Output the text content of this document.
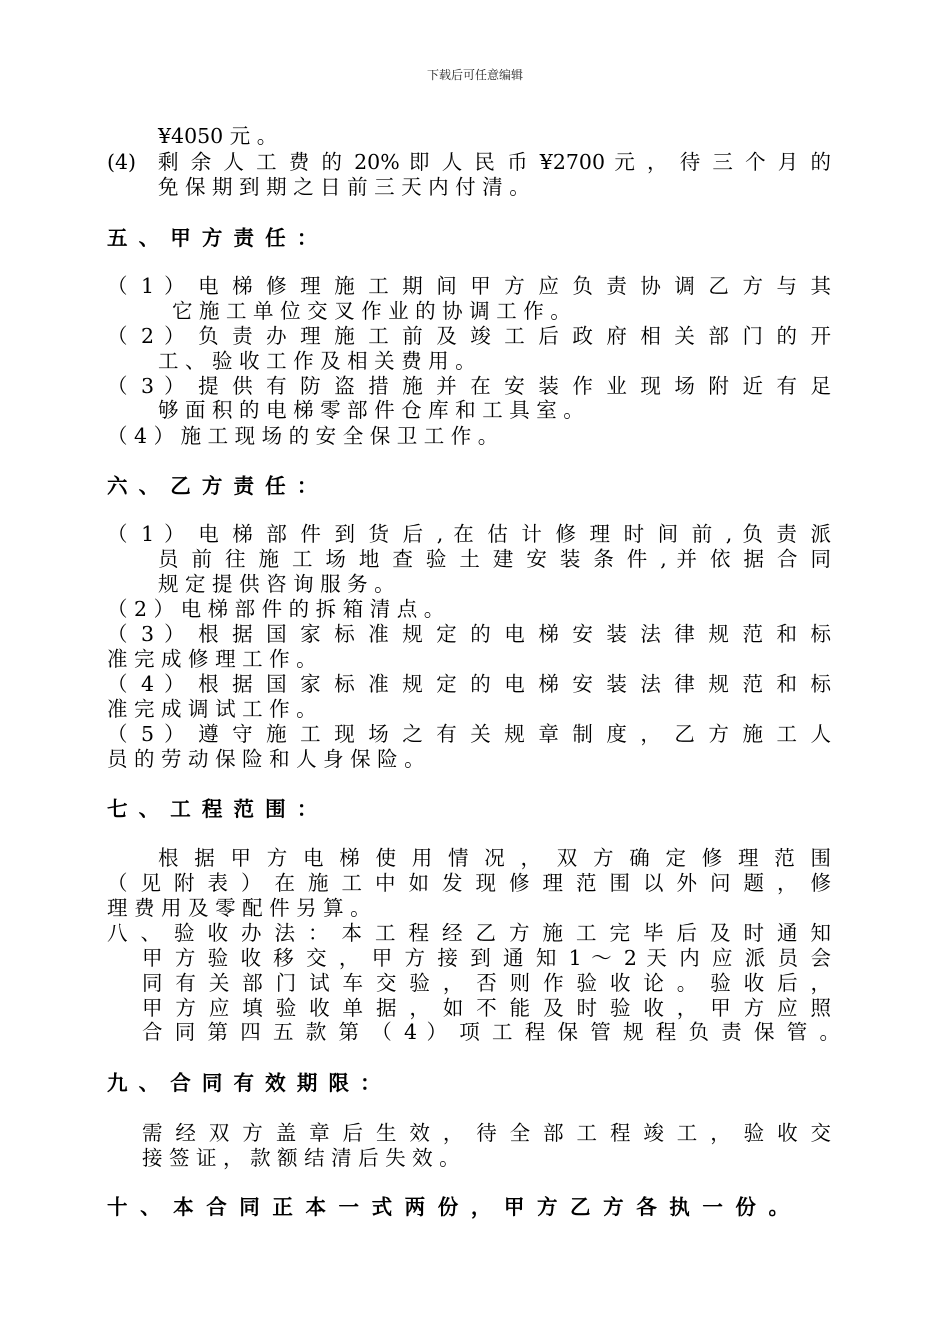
下载后可任意编辑
¥4050 元 。
(4) 剩 余 人 工 费 的 20% 即 人 民 币 ¥2700 元 ， 待 三 个 月 的
免 保 期 到 期 之 日 前 三 天 内 付 清 。
五 、 甲 方 责 任 ：
（ 1 ） 电 梯 修 理 施 工 期 间 甲 方 应 负 责 协 调 乙 方 与 其
它 施 工 单 位 交 叉 作 业 的 协 调 工 作 。
（ 2 ） 负 责 办 理 施 工 前 及 竣 工 后 政 府 相 关 部 门 的 开
工 、 验 收 工 作 及 相 关 费 用 。
（ 3 ） 提 供 有 防 盗 措 施 并 在 安 装 作 业 现 场 附 近 有 足
够 面 积 的 电 梯 零 部 件 仓 库 和 工 具 室 。
（ 4 ） 施 工 现 场 的 安 全 保 卫 工 作 。
六 、 乙 方 责 任 ：
（ 1 ） 电 梯 部 件 到 货 后 , 在 估 计 修 理 时 间 前 , 负 责 派
员 前 往 施 工 场 地 查 验 土 建 安 装 条 件 , 并 依 据 合 同
规 定 提 供 咨 询 服 务 。
（ 2 ） 电 梯 部 件 的 拆 箱 清 点 。
（ 3 ） 根 据 国 家 标 准 规 定 的 电 梯 安 装 法 律 规 范 和 标
准 完 成 修 理 工 作 。
（ 4 ） 根 据 国 家 标 准 规 定 的 电 梯 安 装 法 律 规 范 和 标
准 完 成 调 试 工 作 。
（ 5 ） 遵 守 施 工 现 场 之 有 关 规 章 制 度 ， 乙 方 施 工 人
员 的 劳 动 保 险 和 人 身 保 险 。
七 、 工 程 范 围 ：
根 据 甲 方 电 梯 使 用 情 况 ， 双 方 确 定 修 理 范 围
（ 见 附 表 ） 在 施 工 中 如 发 现 修 理 范 围 以 外 问 题 ， 修
理 费 用 及 零 配 件 另 算 。
八 、 验 收 办 法 ： 本 工 程 经 乙 方 施 工 完 毕 后 及 时 通 知
甲 方 验 收 移 交 ， 甲 方 接 到 通 知 1 ～ 2 天 内 应 派 员 会
同 有 关 部 门 试 车 交 验 ， 否 则 作 验 收 论 。 验 收 后 ，
甲 方 应 填 验 收 单 据 ， 如 不 能 及 时 验 收 ， 甲 方 应 照
合 同 第 四 五 款 第 （ 4 ） 项 工 程 保 管 规 程 负 责 保 管 。
九 、 合 同 有 效 期 限 ：
需 经 双 方 盖 章 后 生 效 ， 待 全 部 工 程 竣 工 ， 验 收 交
接 签 证 ， 款 额 结 清 后 失 效 。
十 、 本 合 同 正 本 一 式 两 份 ， 甲 方 乙 方 各 执 一 份 。
